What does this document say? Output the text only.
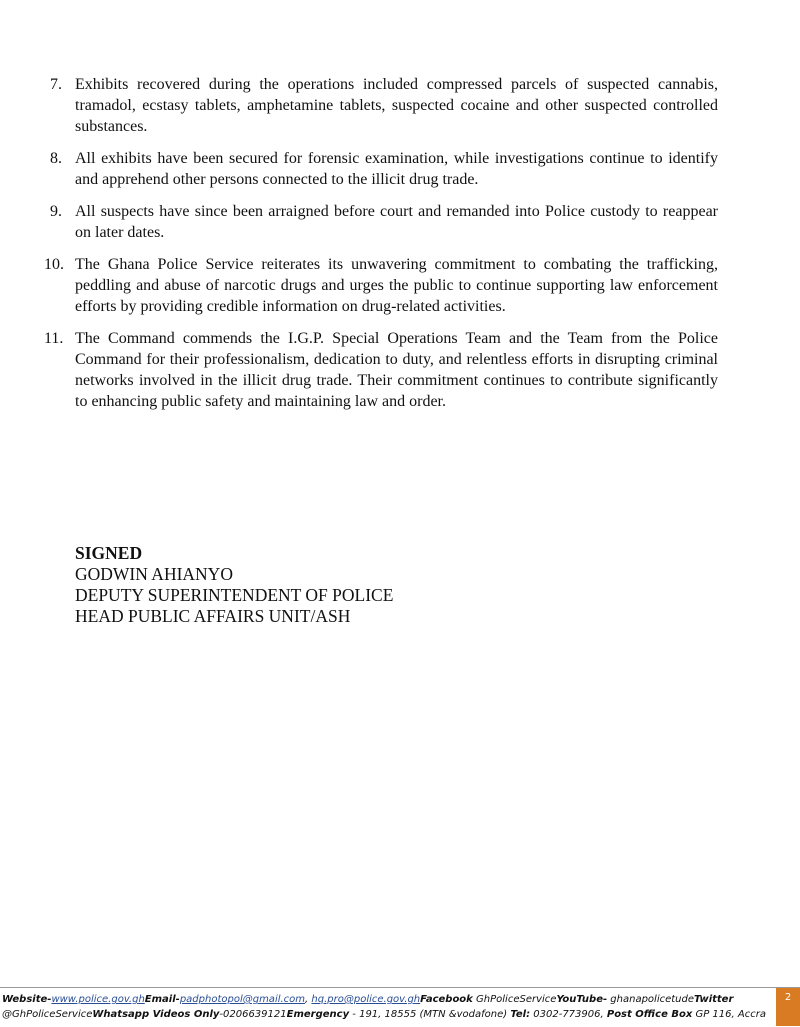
7. Exhibits recovered during the operations included compressed parcels of suspected cannabis, tramadol, ecstasy tablets, amphetamine tablets, suspected cocaine and other suspected controlled substances.
8. All exhibits have been secured for forensic examination, while investigations continue to identify and apprehend other persons connected to the illicit drug trade.
9. All suspects have since been arraigned before court and remanded into Police custody to reappear on later dates.
10. The Ghana Police Service reiterates its unwavering commitment to combating the trafficking, peddling and abuse of narcotic drugs and urges the public to continue supporting law enforcement efforts by providing credible information on drug-related activities.
11. The Command commends the I.G.P. Special Operations Team and the Team from the Police Command for their professionalism, dedication to duty, and relentless efforts in disrupting criminal networks involved in the illicit drug trade. Their commitment continues to contribute significantly to enhancing public safety and maintaining law and order.
SIGNED
GODWIN AHIANYO
DEPUTY SUPERINTENDENT OF POLICE
HEAD PUBLIC AFFAIRS UNIT/ASH
Website-www.police.gov.ghEmail-padphotopol@gmail.com, hq.pro@police.gov.ghFacebook GhPoliceServiceYouTube- ghanapolicetudeTwitter @GhPoliceServiceWhatsapp Videos Only-0206639121Emergency - 191, 18555 (MTN &vodafone) Tel: 0302-773906, Post Office Box GP 116, Accra
2
